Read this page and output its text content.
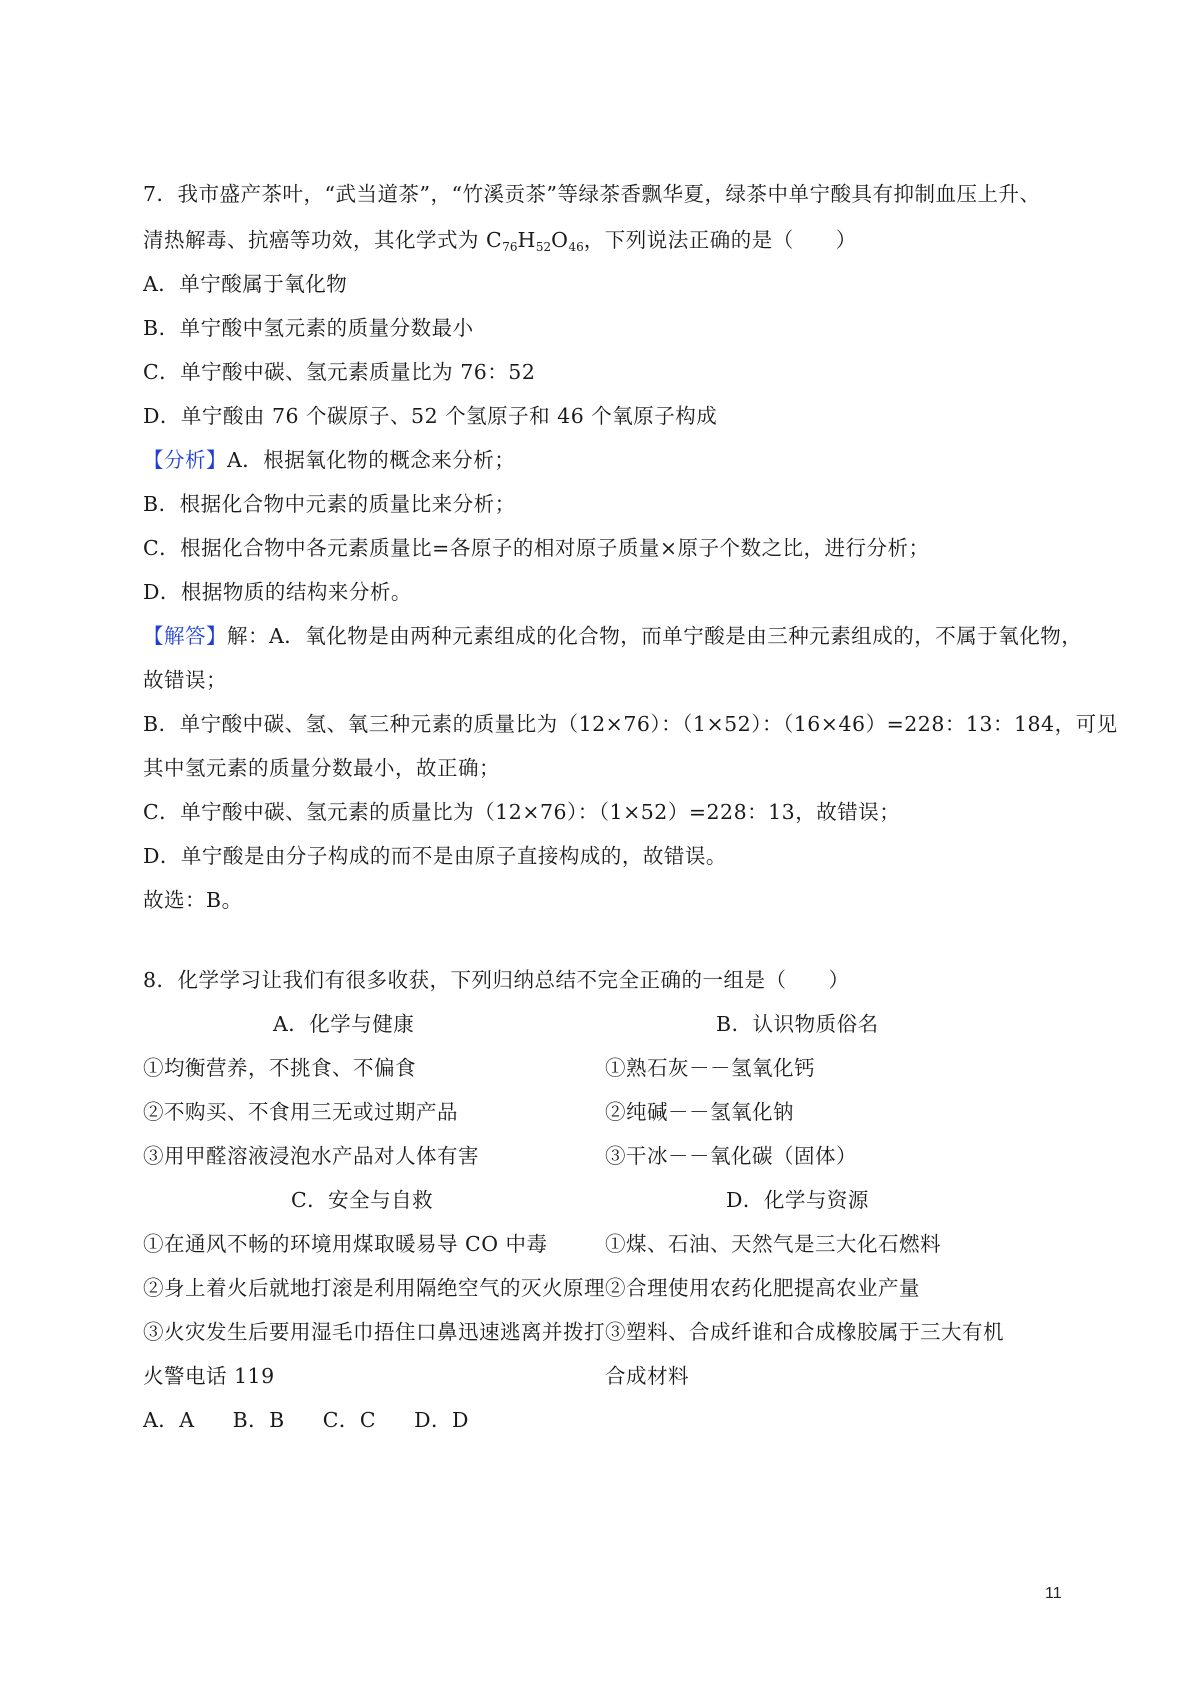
7．我市盛产茶叶，“武当道茶”，“竹溪贡茶”等绿茶香飘华夏，绿茶中单宁酸具有抑制血压上升、
清热解毒、抗癌等功效，其化学式为 $C_{76}H_{52}O_{46}$，下列说法正确的是（　　）
A．单宁酸属于氧化物
B．单宁酸中氢元素的质量分数最小
C．单宁酸中碳、氢元素质量比为 76：52
D．单宁酸由 76 个碳原子、52 个氢原子和 46 个氧原子构成
【分析】A．根据氧化物的概念来分析；
B．根据化合物中元素的质量比来分析；
C．根据化合物中各元素质量比=各原子的相对原子质量×原子个数之比，进行分析；
D．根据物质的结构来分析。
【解答】解：A．氧化物是由两种元素组成的化合物，而单宁酸是由三种元素组成的，不属于氧化物，
故错误；
B．单宁酸中碳、氢、氧三种元素的质量比为（12×76）：（1×52）：（16×46）=228：13：184，可见
其中氢元素的质量分数最小，故正确；
C．单宁酸中碳、氢元素的质量比为（12×76）：（1×52）=228：13，故错误；
D．单宁酸是由分子构成的而不是由原子直接构成的，故错误。
故选：B。
8．化学学习让我们有很多收获，下列归纳总结不完全正确的一组是（　　）
A．化学与健康	B．认识物质俗名
①均衡营养，不挑食、不偏食	①熟石灰－－氢氧化钙
②不购买、不食用三无或过期产品	②纯碱－－氢氧化钠
③用甲醛溶液浸泡水产品对人体有害	③干冰－－氧化碳（固体）
C．安全与自救	D．化学与资源
①在通风不畅的环境用煤取暖易导 CO 中毒	①煤、石油、天然气是三大化石燃料
②身上着火后就地打滚是利用隔绝空气的灭火原理 ②合理使用农药化肥提高农业产量
③火灾发生后要用湿毛巾捂住口鼻迅速逃离并拨打 ③塑料、合成纤谁和合成橡胶属于三大有机
火警电话 119	合成材料
A．A B．B C．C D．D
11
